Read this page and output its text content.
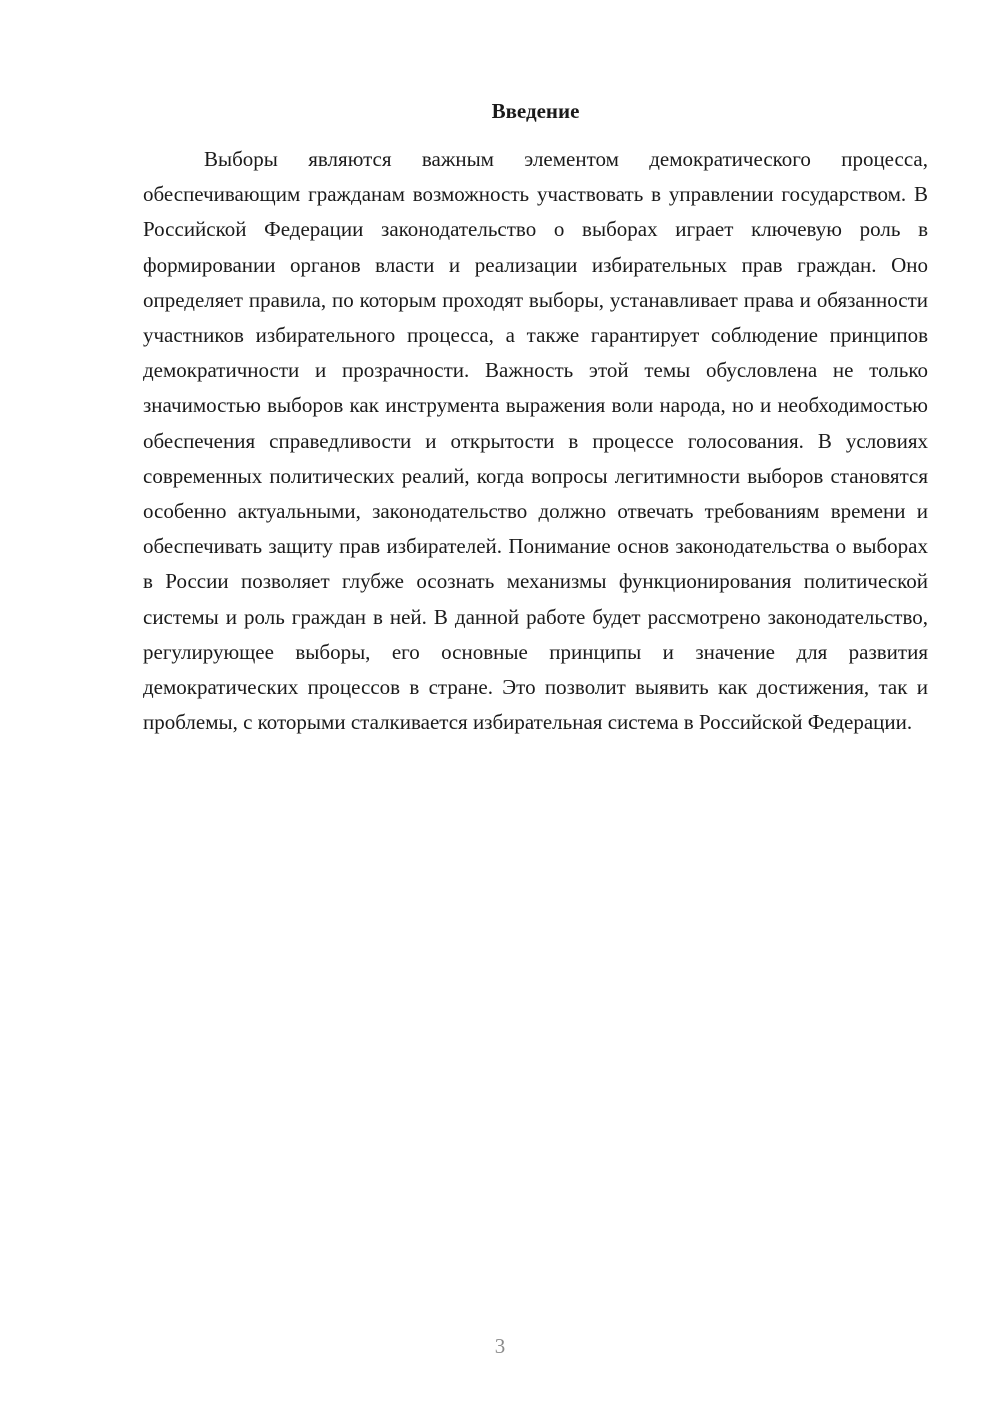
Введение

Выборы являются важным элементом демократического процесса, обеспечивающим гражданам возможность участвовать в управлении государством. В Российской Федерации законодательство о выборах играет ключевую роль в формировании органов власти и реализации избирательных прав граждан. Оно определяет правила, по которым проходят выборы, устанавливает права и обязанности участников избирательного процесса, а также гарантирует соблюдение принципов демократичности и прозрачности. Важность этой темы обусловлена не только значимостью выборов как инструмента выражения воли народа, но и необходимостью обеспечения справедливости и открытости в процессе голосования. В условиях современных политических реалий, когда вопросы легитимности выборов становятся особенно актуальными, законодательство должно отвечать требованиям времени и обеспечивать защиту прав избирателей. Понимание основ законодательства о выборах в России позволяет глубже осознать механизмы функционирования политической системы и роль граждан в ней. В данной работе будет рассмотрено законодательство, регулирующее выборы, его основные принципы и значение для развития демократических процессов в стране. Это позволит выявить как достижения, так и проблемы, с которыми сталкивается избирательная система в Российской Федерации.

3
